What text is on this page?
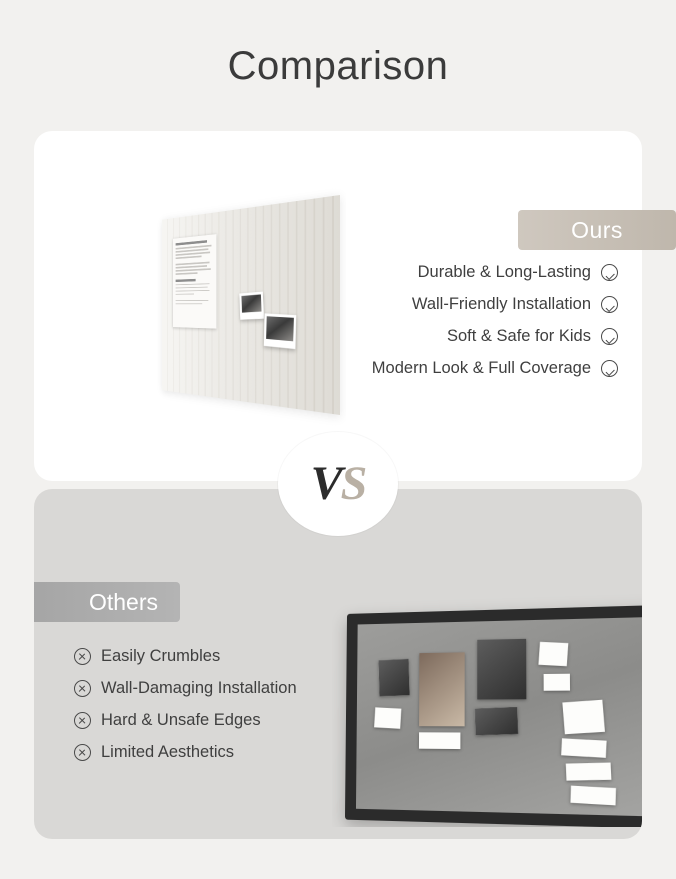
Comparison
Ours
Durable & Long-Lasting
Wall-Friendly Installation
Soft & Safe for Kids
Modern Look & Full Coverage
VS
Others
Easily Crumbles
Wall-Damaging Installation
Hard & Unsafe Edges
Limited Aesthetics
